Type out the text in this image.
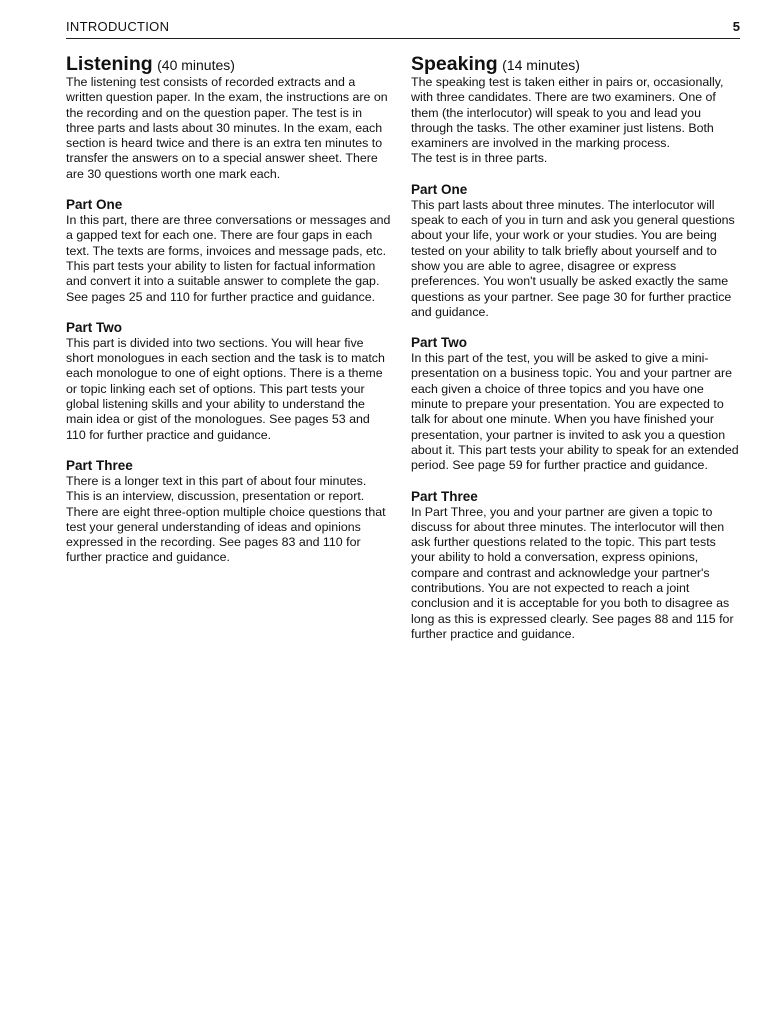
INTRODUCTION	5
Listening (40 minutes)

The listening test consists of recorded extracts and a written question paper. In the exam, the instructions are on the recording and on the question paper. The test is in three parts and lasts about 30 minutes. In the exam, each section is heard twice and there is an extra ten minutes to transfer the answers on to a special answer sheet. There are 30 questions worth one mark each.

Part One

In this part, there are three conversations or messages and a gapped text for each one. There are four gaps in each text. The texts are forms, invoices and message pads, etc. This part tests your ability to listen for factual information and convert it into a suitable answer to complete the gap. See pages 25 and 110 for further practice and guidance.

Part Two

This part is divided into two sections. You will hear five short monologues in each section and the task is to match each monologue to one of eight options. There is a theme or topic linking each set of options. This part tests your global listening skills and your ability to understand the main idea or gist of the monologues. See pages 53 and 110 for further practice and guidance.

Part Three

There is a longer text in this part of about four minutes. This is an interview, discussion, presentation or report. There are eight three-option multiple choice questions that test your general understanding of ideas and opinions expressed in the recording. See pages 83 and 110 for further practice and guidance.

Speaking (14 minutes)

The speaking test is taken either in pairs or, occasionally, with three candidates. There are two examiners. One of them (the interlocutor) will speak to you and lead you through the tasks. The other examiner just listens. Both examiners are involved in the marking process.

The test is in three parts.

Part One

This part lasts about three minutes. The interlocutor will speak to each of you in turn and ask you general questions about your life, your work or your studies. You are being tested on your ability to talk briefly about yourself and to show you are able to agree, disagree or express preferences. You won't usually be asked exactly the same questions as your partner. See page 30 for further practice and guidance.

Part Two

In this part of the test, you will be asked to give a mini-presentation on a business topic. You and your partner are each given a choice of three topics and you have one minute to prepare your presentation. You are expected to talk for about one minute. When you have finished your presentation, your partner is invited to ask you a question about it. This part tests your ability to speak for an extended period. See page 59 for further practice and guidance.

Part Three

In Part Three, you and your partner are given a topic to discuss for about three minutes. The interlocutor will then ask further questions related to the topic. This part tests your ability to hold a conversation, express opinions, compare and contrast and acknowledge your partner's contributions. You are not expected to reach a joint conclusion and it is acceptable for you both to disagree as long as this is expressed clearly. See pages 88 and 115 for further practice and guidance.
